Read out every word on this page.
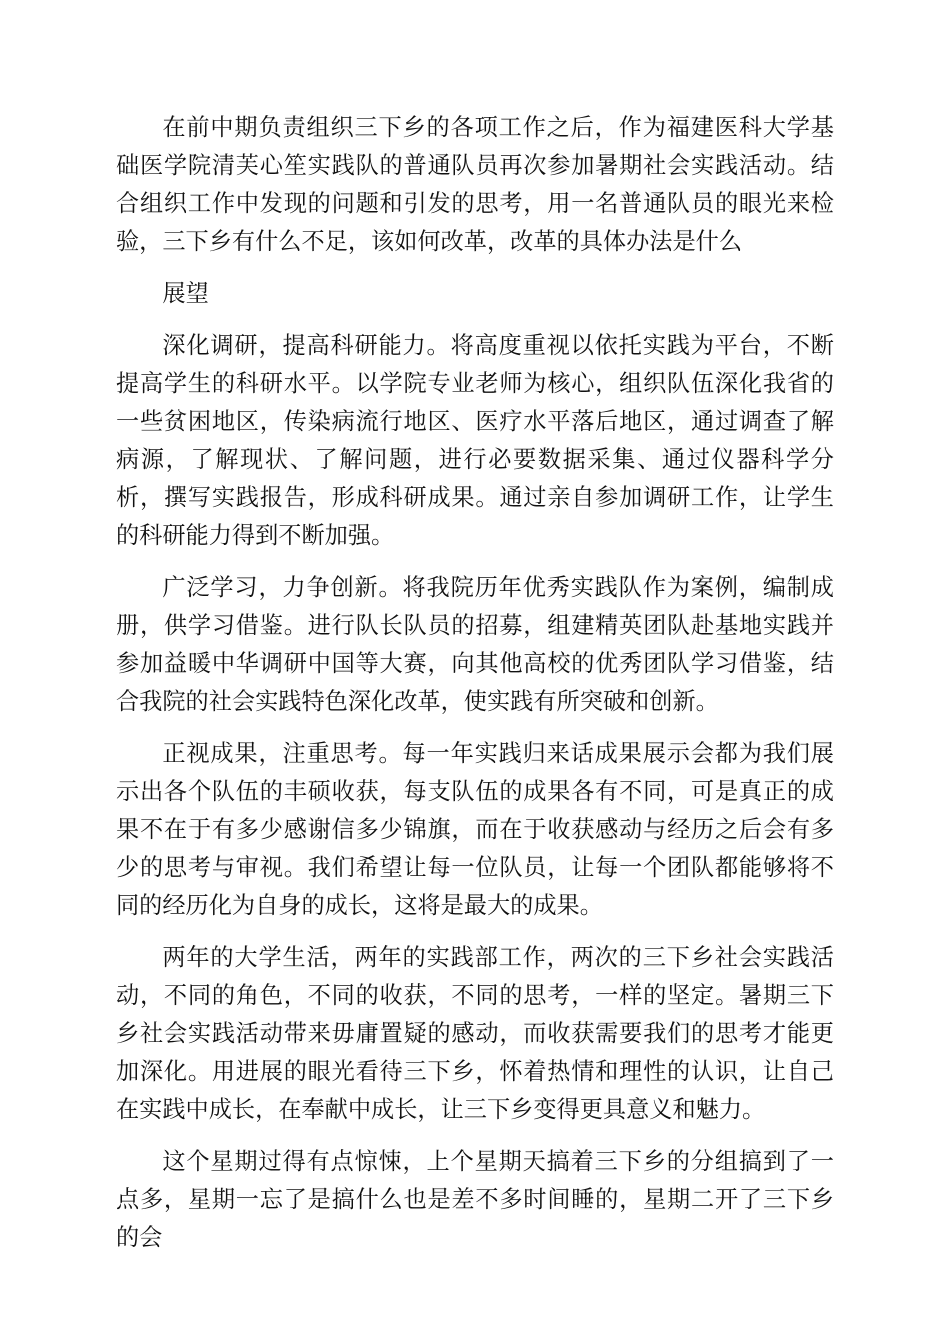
在前中期负责组织三下乡的各项工作之后，作为福建医科大学基础医学院清芙心笙实践队的普通队员再次参加暑期社会实践活动。结合组织工作中发现的问题和引发的思考，用一名普通队员的眼光来检验，三下乡有什么不足，该如何改革，改革的具体办法是什么

展望

深化调研，提高科研能力。将高度重视以依托实践为平台，不断提高学生的科研水平。以学院专业老师为核心，组织队伍深化我省的一些贫困地区，传染病流行地区、医疗水平落后地区，通过调查了解病源，了解现状、了解问题，进行必要数据采集、通过仪器科学分析，撰写实践报告，形成科研成果。通过亲自参加调研工作，让学生的科研能力得到不断加强。

广泛学习，力争创新。将我院历年优秀实践队作为案例，编制成册，供学习借鉴。进行队长队员的招募，组建精英团队赴基地实践并参加益暖中华调研中国等大赛，向其他高校的优秀团队学习借鉴，结合我院的社会实践特色深化改革，使实践有所突破和创新。

正视成果，注重思考。每一年实践归来话成果展示会都为我们展示出各个队伍的丰硕收获，每支队伍的成果各有不同，可是真正的成果不在于有多少感谢信多少锦旗，而在于收获感动与经历之后会有多少的思考与审视。我们希望让每一位队员，让每一个团队都能够将不同的经历化为自身的成长，这将是最大的成果。

两年的大学生活，两年的实践部工作，两次的三下乡社会实践活动，不同的角色，不同的收获，不同的思考，一样的坚定。暑期三下乡社会实践活动带来毋庸置疑的感动，而收获需要我们的思考才能更加深化。用进展的眼光看待三下乡，怀着热情和理性的认识，让自己在实践中成长，在奉献中成长，让三下乡变得更具意义和魅力。

这个星期过得有点惊悚，上个星期天搞着三下乡的分组搞到了一点多，星期一忘了是搞什么也是差不多时间睡的，星期二开了三下乡的会
